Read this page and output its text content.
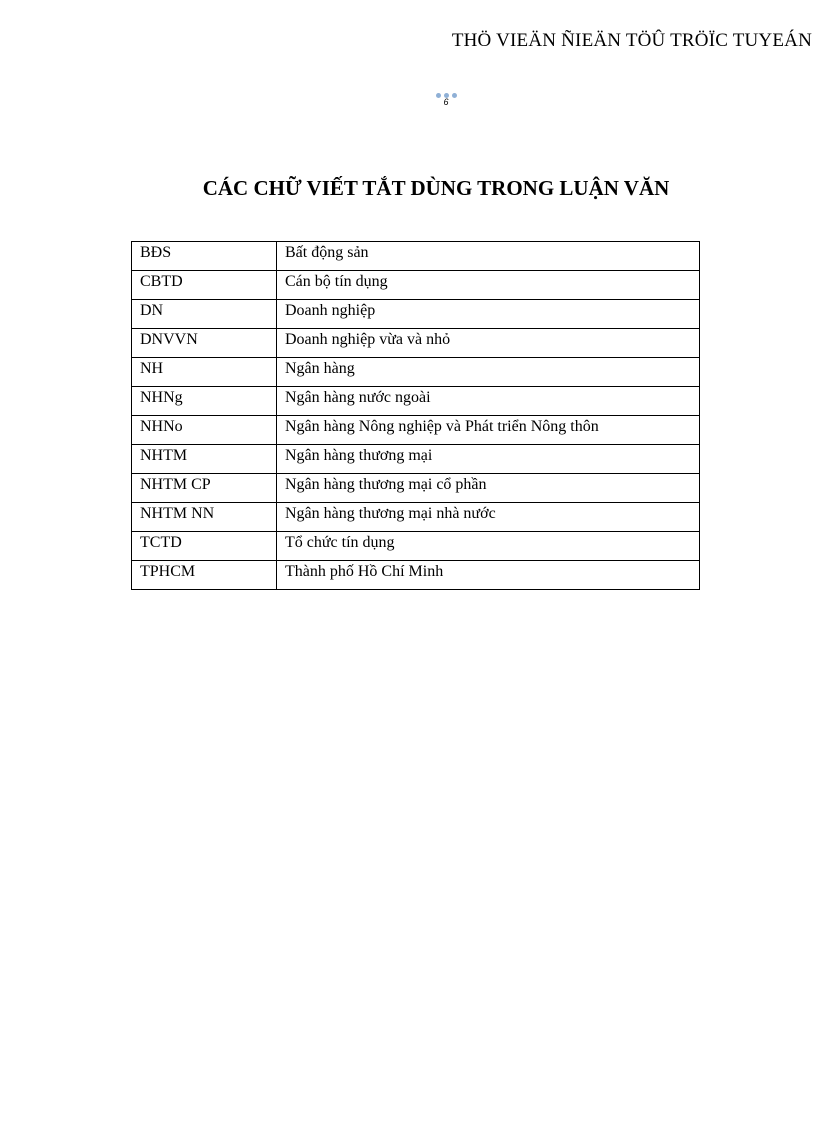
THÖ VIEÄN ÑIEÄN TÖÛ TRÖÏC TUYEÁN
6
CÁC CHỮ VIẾT TẮT DÙNG TRONG LUẬN VĂN
BĐS	Bất động sản
CBTD	Cán bộ tín dụng
DN	Doanh nghiệp
DNVVN	Doanh nghiệp vừa và nhỏ
NH	Ngân hàng
NHNg	Ngân hàng nước ngoài
NHNo	Ngân hàng Nông nghiệp và Phát triển Nông thôn
NHTM	Ngân hàng thương mại
NHTM CP	Ngân hàng thương mại cổ phần
NHTM NN	Ngân hàng thương mại nhà nước
TCTD	Tổ chức tín dụng
TPHCM	Thành phố Hồ Chí Minh
